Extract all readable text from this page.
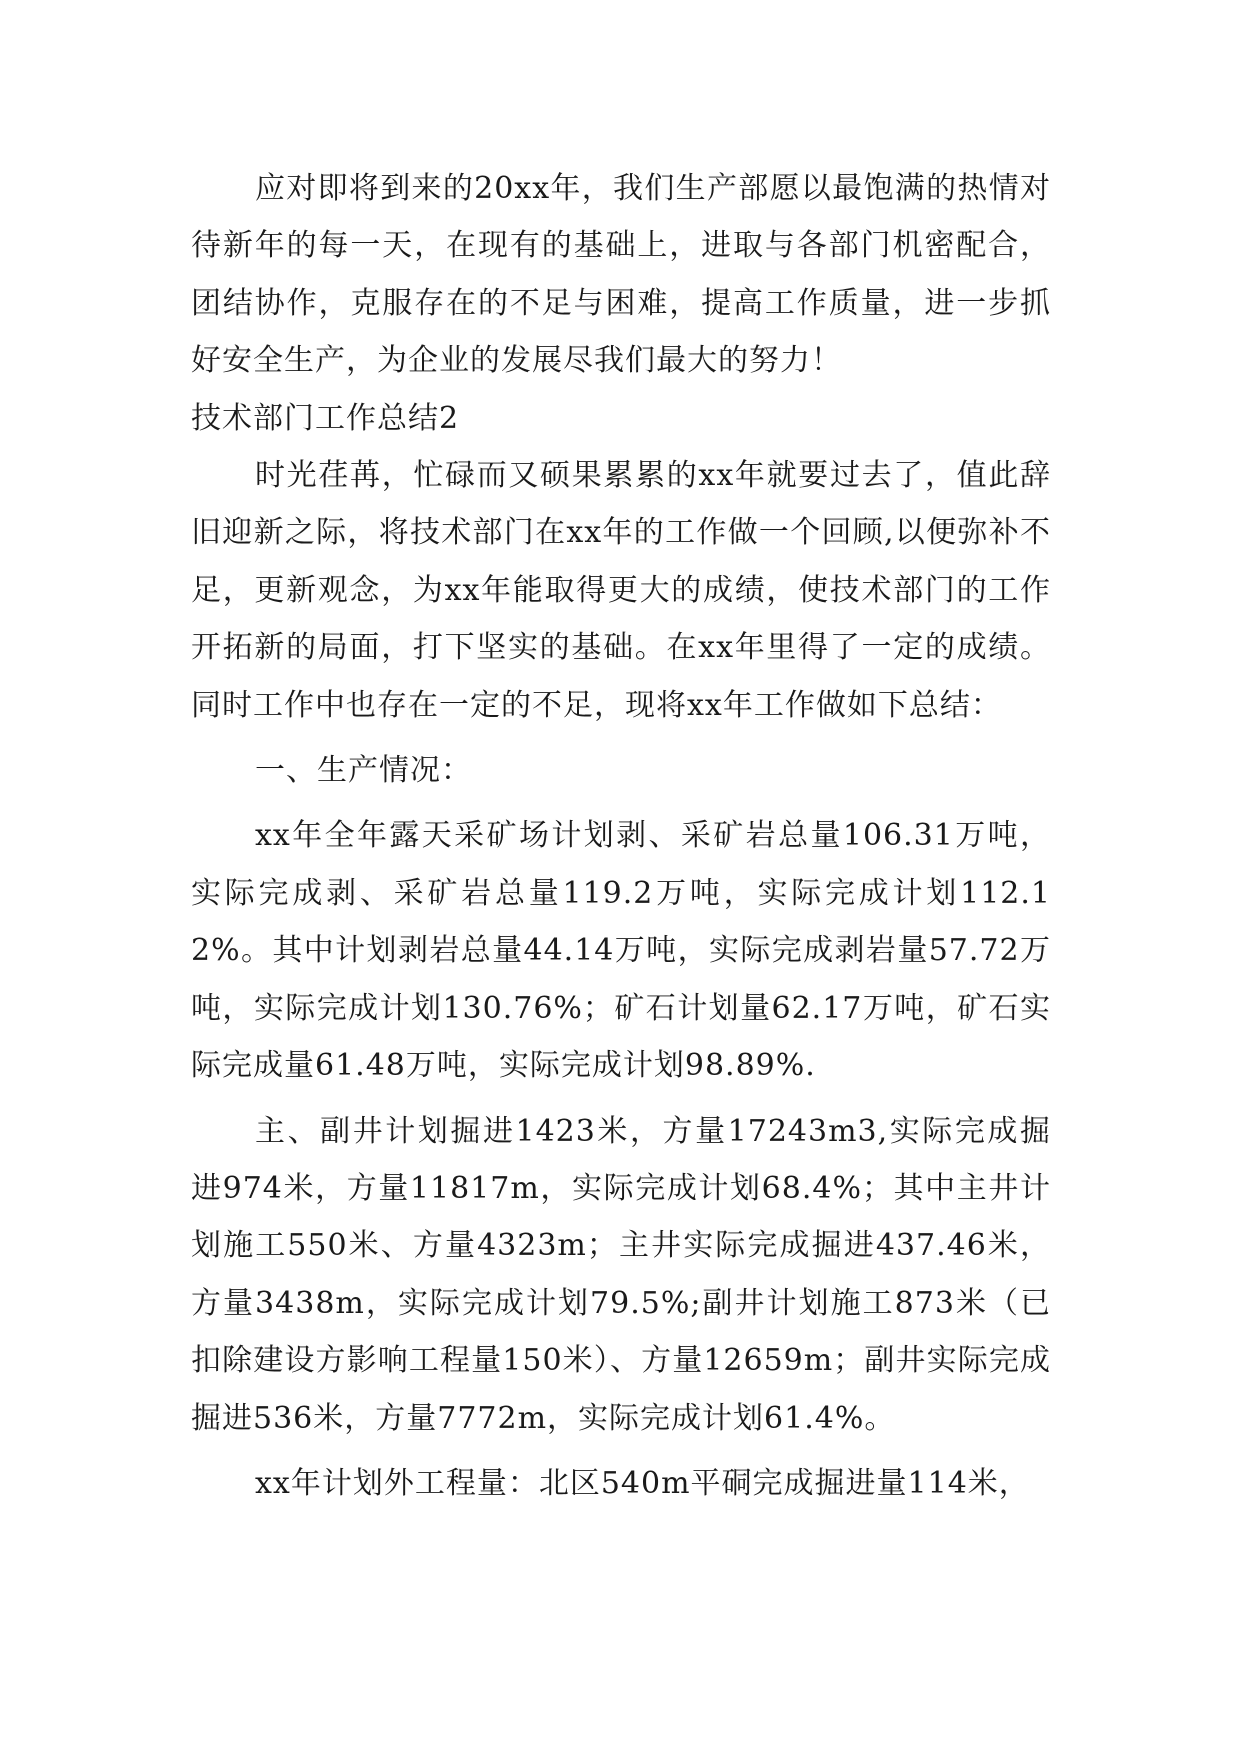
应对即将到来的20xx年，我们生产部愿以最饱满的热情对待新年的每一天，在现有的基础上，进取与各部门机密配合，团结协作，克服存在的不足与困难，提高工作质量，进一步抓好安全生产，为企业的发展尽我们最大的努力！

技术部门工作总结2

时光荏苒，忙碌而又硕果累累的xx年就要过去了，值此辞旧迎新之际，将技术部门在xx年的工作做一个回顾,以便弥补不足，更新观念，为xx年能取得更大的成绩，使技术部门的工作开拓新的局面，打下坚实的基础。在xx年里得了一定的成绩。同时工作中也存在一定的不足，现将xx年工作做如下总结：

一、生产情况：

xx年全年露天采矿场计划剥、采矿岩总量106.31万吨，实际完成剥、采矿岩总量119.2万吨，实际完成计划112.12%。其中计划剥岩总量44.14万吨，实际完成剥岩量57.72万吨，实际完成计划130.76%；矿石计划量62.17万吨，矿石实际完成量61.48万吨，实际完成计划98.89%.

主、副井计划掘进1423米，方量17243m3,实际完成掘进974米，方量11817m，实际完成计划68.4%；其中主井计划施工550米、方量4323m；主井实际完成掘进437.46米，方量3438m，实际完成计划79.5%;副井计划施工873米（已扣除建设方影响工程量150米）、方量12659m；副井实际完成掘进536米，方量7772m，实际完成计划61.4%。

xx年计划外工程量：北区540m平硐完成掘进量114米，
